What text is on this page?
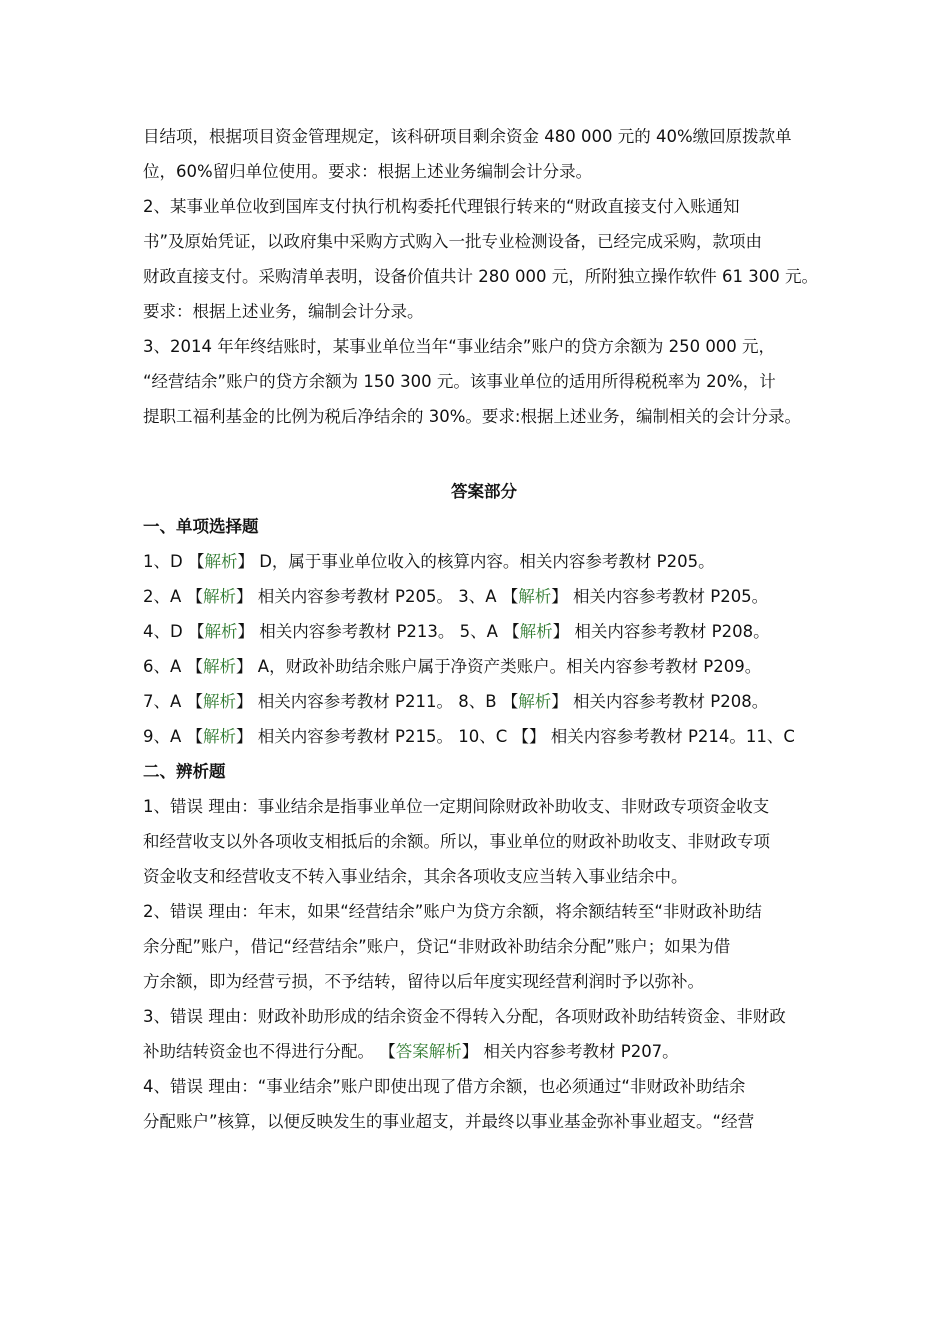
目结项，根据项目资金管理规定，该科研项目剩余资金 480 000 元的 40%缴回原拨款单
位，60%留归单位使用。要求：根据上述业务编制会计分录。
2、某事业单位收到国库支付执行机构委托代理银行转来的“财政直接支付入账通知
书”及原始凭证，以政府集中采购方式购入一批专业检测设备，已经完成采购，款项由
财政直接支付。采购清单表明，设备价值共计 280 000 元，所附独立操作软件 61 300 元。
要求：根据上述业务，编制会计分录。
3、2014 年年终结账时，某事业单位当年“事业结余”账户的贷方余额为 250 000 元，
“经营结余”账户的贷方余额为 150 300 元。该事业单位的适用所得税税率为 20%，计
提职工福利基金的比例为税后净结余的 30%。要求:根据上述业务，编制相关的会计分录。
答案部分
一、单项选择题
1、D 【解析】 D，属于事业单位收入的核算内容。相关内容参考教材 P205。
2、A 【解析】 相关内容参考教材 P205。 3、A 【解析】 相关内容参考教材 P205。
4、D 【解析】 相关内容参考教材 P213。 5、A 【解析】 相关内容参考教材 P208。
6、A 【解析】 A，财政补助结余账户属于净资产类账户。相关内容参考教材 P209。
7、A 【解析】 相关内容参考教材 P211。 8、B 【解析】 相关内容参考教材 P208。
9、A 【解析】 相关内容参考教材 P215。 10、C 【】 相关内容参考教材 P214。11、C
二、辨析题
1、错误 理由：事业结余是指事业单位一定期间除财政补助收支、非财政专项资金收支
和经营收支以外各项收支相抵后的余额。所以，事业单位的财政补助收支、非财政专项
资金收支和经营收支不转入事业结余，其余各项收支应当转入事业结余中。
2、错误 理由：年末，如果“经营结余”账户为贷方余额，将余额结转至“非财政补助结
余分配”账户，借记“经营结余”账户，贷记“非财政补助结余分配”账户；如果为借
方余额，即为经营亏损，不予结转，留待以后年度实现经营利润时予以弥补。
3、错误 理由：财政补助形成的结余资金不得转入分配，各项财政补助结转资金、非财政
补助结转资金也不得进行分配。 【答案解析】 相关内容参考教材 P207。
4、错误 理由：“事业结余”账户即使出现了借方余额，也必须通过“非财政补助结余
分配账户”核算，以便反映发生的事业超支，并最终以事业基金弥补事业超支。“经营
